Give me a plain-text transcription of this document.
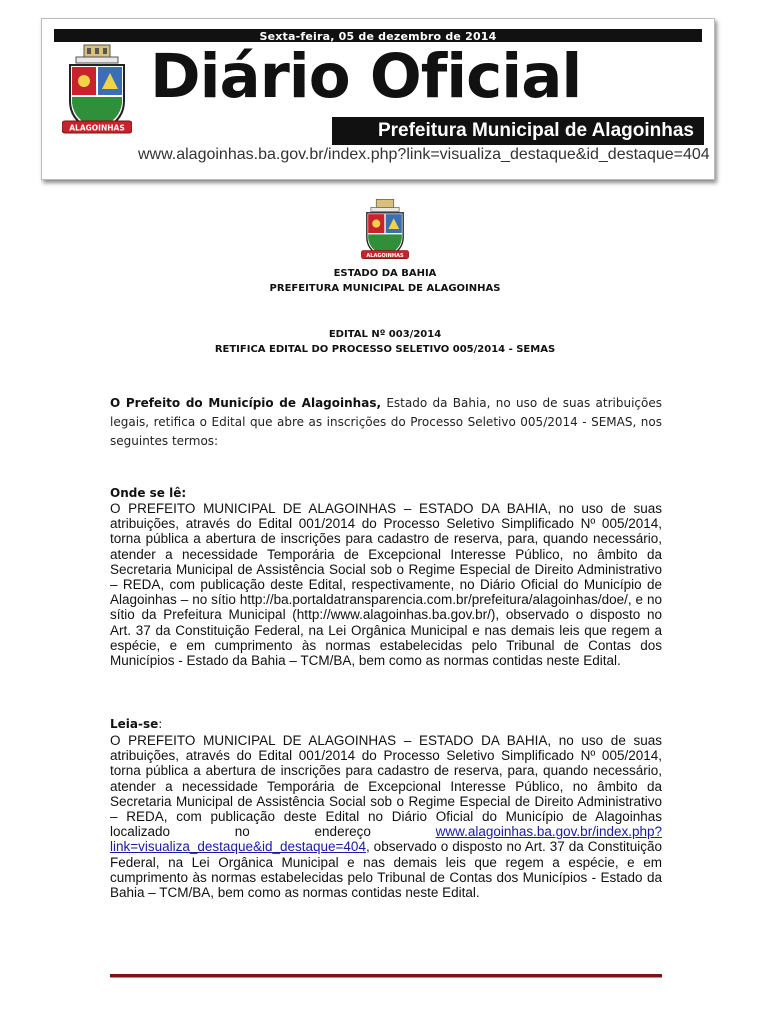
Sexta-feira, 05 de dezembro de 2014
ALAGOINHAS
Diário Oficial
Prefeitura Municipal de Alagoinhas
www.alagoinhas.ba.gov.br/index.php?link=visualiza_destaque&id_destaque=404
ALAGOINHAS
ESTADO DA BAHIA
PREFEITURA MUNICIPAL DE ALAGOINHAS
EDITAL Nº 003/2014
RETIFICA EDITAL DO PROCESSO SELETIVO 005/2014 - SEMAS
O Prefeito do Município de Alagoinhas, Estado da Bahia, no uso de suas atribuições legais, retifica o Edital que abre as inscrições do Processo Seletivo 005/2014 - SEMAS, nos seguintes termos:
Onde se lê:
O PREFEITO MUNICIPAL DE ALAGOINHAS – ESTADO DA BAHIA, no uso de suas atribuições, através do Edital 001/2014 do Processo Seletivo Simplificado Nº 005/2014, torna pública a abertura de inscrições para cadastro de reserva, para, quando necessário, atender a necessidade Temporária de Excepcional Interesse Público, no âmbito da Secretaria Municipal de Assistência Social sob o Regime Especial de Direito Administrativo – REDA, com publicação deste Edital, respectivamente, no Diário Oficial do Município de Alagoinhas – no sítio http://ba.portaldatransparencia.com.br/prefeitura/alagoinhas/doe/, e no sítio da Prefeitura Municipal (http://www.alagoinhas.ba.gov.br/), observado o disposto no Art. 37 da Constituição Federal, na Lei Orgânica Municipal e nas demais leis que regem a espécie, e em cumprimento às normas estabelecidas pelo Tribunal de Contas dos Municípios - Estado da Bahia – TCM/BA, bem como as normas contidas neste Edital.
Leia-se:
O PREFEITO MUNICIPAL DE ALAGOINHAS – ESTADO DA BAHIA, no uso de suas atribuições, através do Edital 001/2014 do Processo Seletivo Simplificado Nº 005/2014, torna pública a abertura de inscrições para cadastro de reserva, para, quando necessário, atender a necessidade Temporária de Excepcional Interesse Público, no âmbito da Secretaria Municipal de Assistência Social sob o Regime Especial de Direito Administrativo – REDA, com publicação deste Edital no Diário Oficial do Município de Alagoinhas localizado no endereço www.alagoinhas.ba.gov.br/index.php?link=visualiza_destaque&id_destaque=404, observado o disposto no Art. 37 da Constituição Federal, na Lei Orgânica Municipal e nas demais leis que regem a espécie, e em cumprimento às normas estabelecidas pelo Tribunal de Contas dos Municípios - Estado da Bahia – TCM/BA, bem como as normas contidas neste Edital.
